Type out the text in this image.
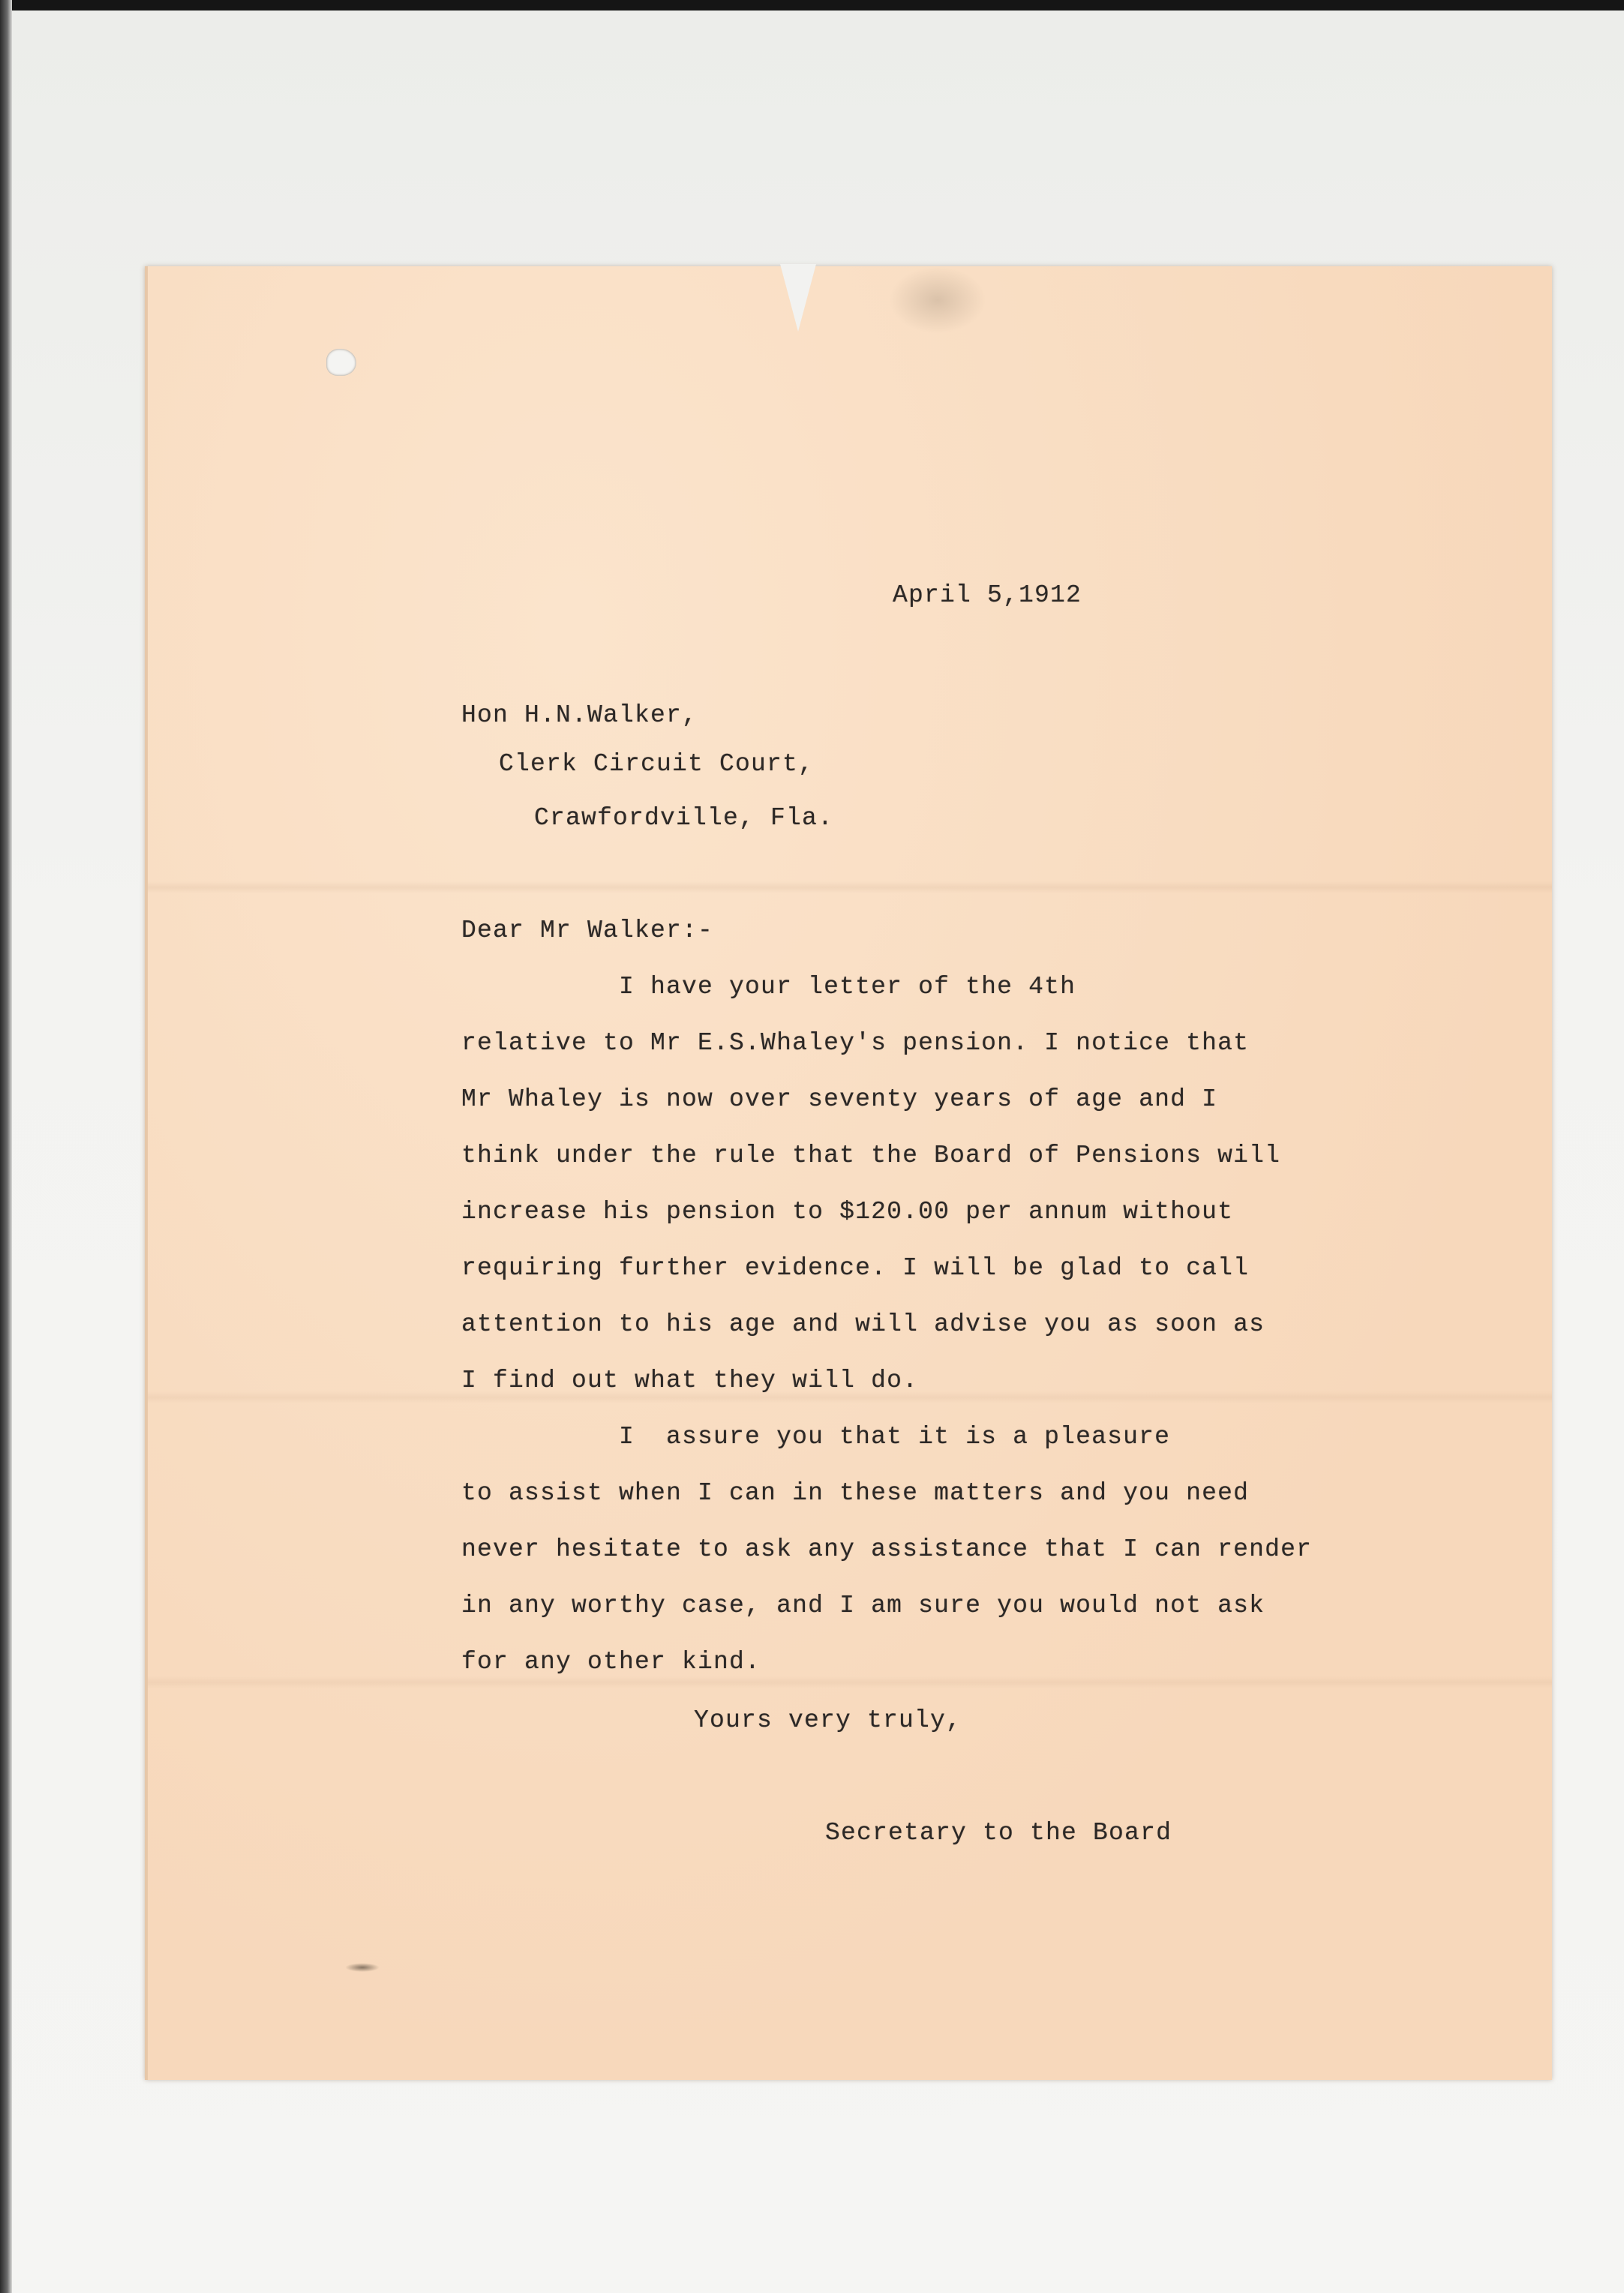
April 5,1912
Hon H.N.Walker,
Clerk Circuit Court,
Crawfordville, Fla.
Dear Mr Walker:-
I have your letter of the 4th
relative to Mr E.S.Whaley's pension. I notice that
Mr Whaley is now over seventy years of age and I
think under the rule that the Board of Pensions will
increase his pension to $120.00 per annum without
requiring further evidence. I will be glad to call
attention to his age and will advise you as soon as
I find out what they will do.
I  assure you that it is a pleasure
to assist when I can in these matters and you need
never hesitate to ask any assistance that I can render
in any worthy case, and I am sure you would not ask
for any other kind.
Yours very truly,
Secretary to the Board
